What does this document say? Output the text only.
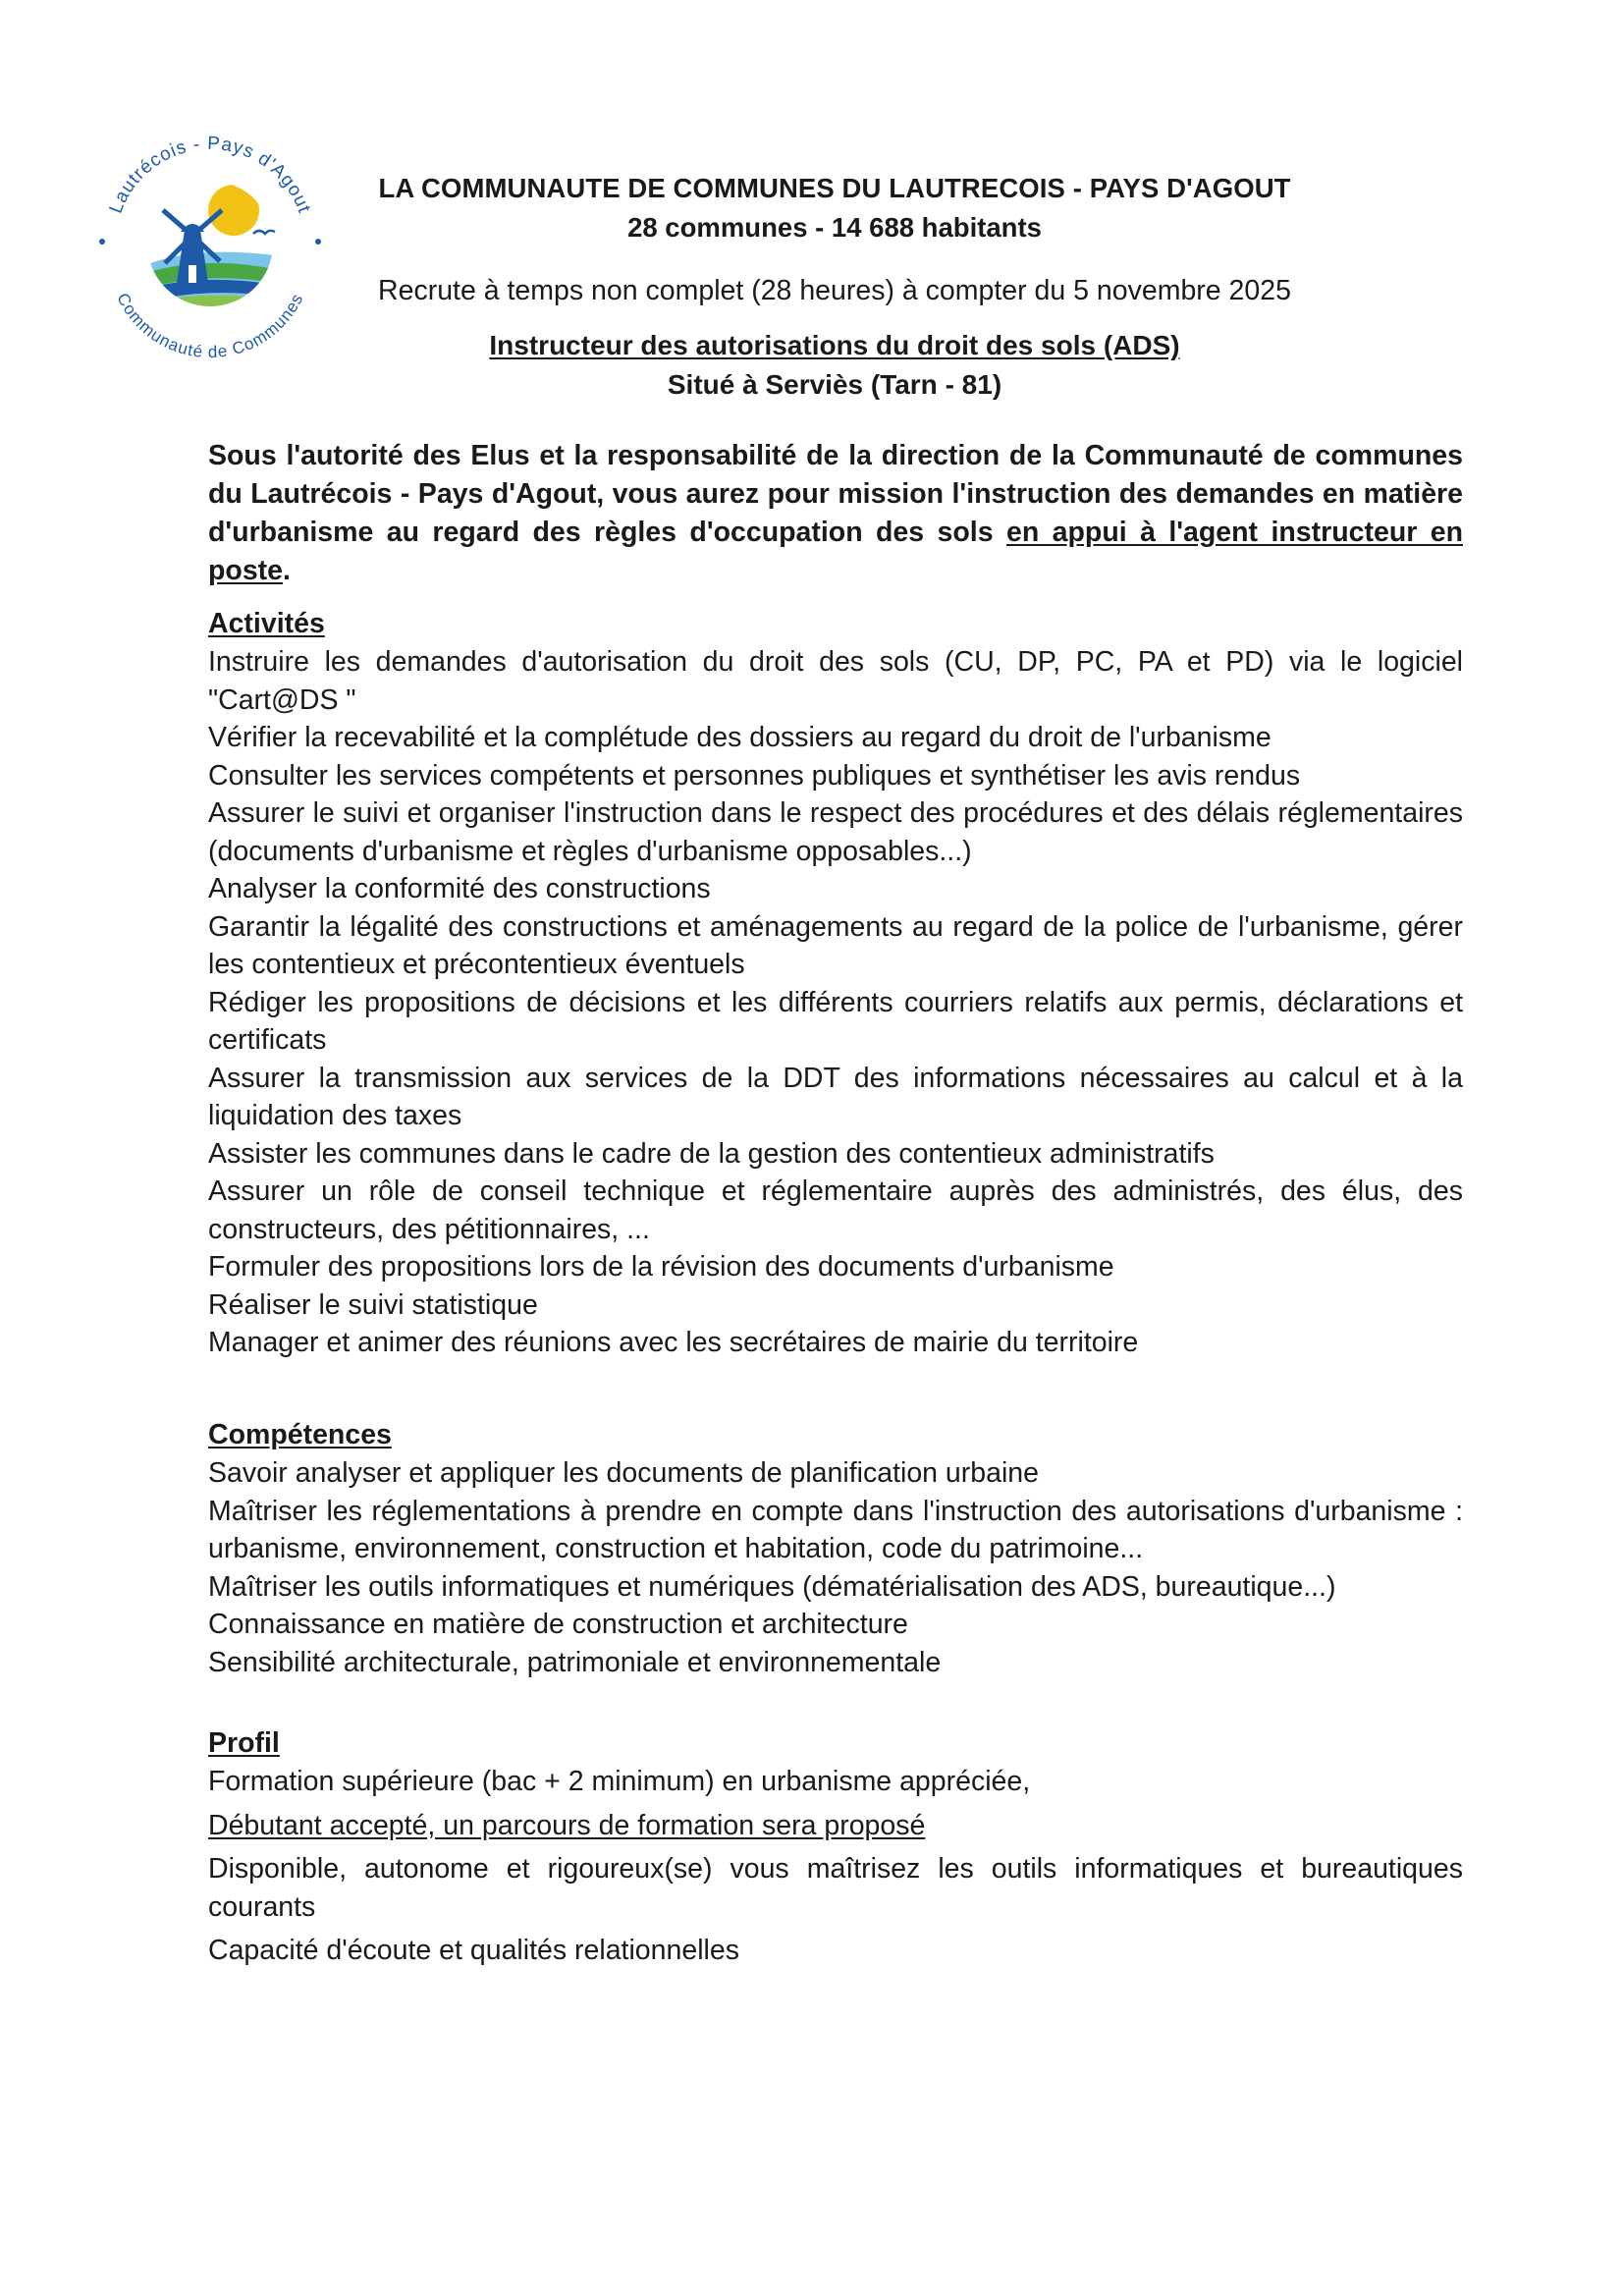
Lautrécois - Pays d'Agout
Communauté de Communes
LA COMMUNAUTE DE COMMUNES DU LAUTRECOIS - PAYS D'AGOUT
28 communes - 14 688 habitants
Recrute à temps non complet (28 heures) à compter du 5 novembre 2025
Instructeur des autorisations du droit des sols (ADS)
Situé à Serviès (Tarn - 81)
Sous l'autorité des Elus et la responsabilité de la direction de la Communauté de communes du Lautrécois - Pays d'Agout, vous aurez pour mission l'instruction des demandes en matière d'urbanisme au regard des règles d'occupation des sols en appui à l'agent instructeur en poste.

Activités

Instruire les demandes d'autorisation du droit des sols (CU, DP, PC, PA et PD) via le logiciel "Cart@DS "

Vérifier la recevabilité et la complétude des dossiers au regard du droit de l'urbanisme

Consulter les services compétents et personnes publiques et synthétiser les avis rendus

Assurer le suivi et organiser l'instruction dans le respect des procédures et des délais réglementaires (documents d'urbanisme et règles d'urbanisme opposables...)

Analyser la conformité des constructions

Garantir la légalité des constructions et aménagements au regard de la police de l'urbanisme, gérer les contentieux et précontentieux éventuels

Rédiger les propositions de décisions et les différents courriers relatifs aux permis, déclarations et certificats

Assurer la transmission aux services de la DDT des informations nécessaires au calcul et à la liquidation des taxes

Assister les communes dans le cadre de la gestion des contentieux administratifs

Assurer un rôle de conseil technique et réglementaire auprès des administrés, des élus, des constructeurs, des pétitionnaires, ...

Formuler des propositions lors de la révision des documents d'urbanisme

Réaliser le suivi statistique

Manager et animer des réunions avec les secrétaires de mairie du territoire

Compétences

Savoir analyser et appliquer les documents de planification urbaine

Maîtriser les réglementations à prendre en compte dans l'instruction des autorisations d'urbanisme : urbanisme, environnement, construction et habitation, code du patrimoine...

Maîtriser les outils informatiques et numériques (dématérialisation des ADS, bureautique...)

Connaissance en matière de construction et architecture

Sensibilité architecturale, patrimoniale et environnementale

Profil

Formation supérieure (bac + 2 minimum) en urbanisme appréciée,

Débutant accepté, un parcours de formation sera proposé

Disponible, autonome et rigoureux(se) vous maîtrisez les outils informatiques et bureautiques courants

Capacité d'écoute et qualités relationnelles
